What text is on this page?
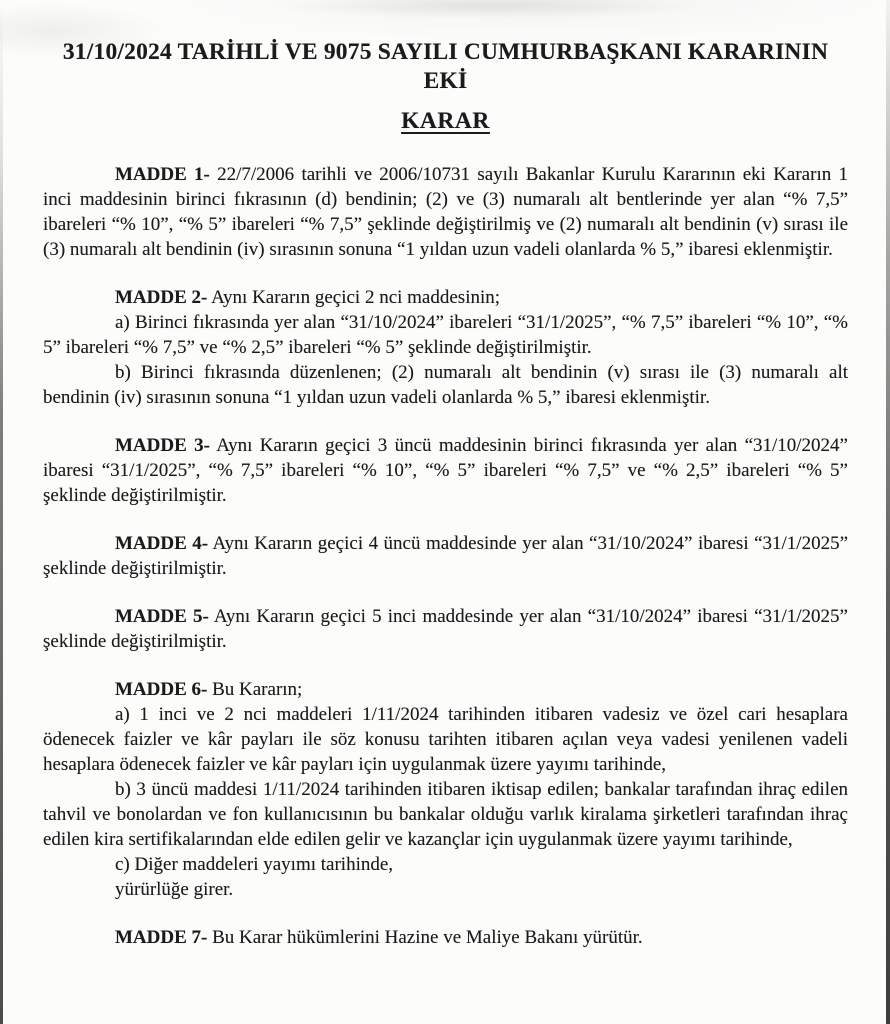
31/10/2024 TARİHLİ VE 9075 SAYILI CUMHURBAŞKANI KARARININ EKİ
KARAR

MADDE 1- 22/7/2006 tarihli ve 2006/10731 sayılı Bakanlar Kurulu Kararının eki Kararın 1 inci maddesinin birinci fıkrasının (d) bendinin; (2) ve (3) numaralı alt bentlerinde yer alan “% 7,5” ibareleri “% 10”, “% 5” ibareleri “% 7,5” şeklinde değiştirilmiş ve (2) numaralı alt bendinin (v) sırası ile (3) numaralı alt bendinin (iv) sırasının sonuna “1 yıldan uzun vadeli olanlarda % 5,” ibaresi eklenmiştir.

MADDE 2- Aynı Kararın geçici 2 nci maddesinin;

a) Birinci fıkrasında yer alan “31/10/2024” ibareleri “31/1/2025”, “% 7,5” ibareleri “% 10”, “% 5” ibareleri “% 7,5” ve “% 2,5” ibareleri “% 5” şeklinde değiştirilmiştir.

b) Birinci fıkrasında düzenlenen; (2) numaralı alt bendinin (v) sırası ile (3) numaralı alt bendinin (iv) sırasının sonuna “1 yıldan uzun vadeli olanlarda % 5,” ibaresi eklenmiştir.

MADDE 3- Aynı Kararın geçici 3 üncü maddesinin birinci fıkrasında yer alan “31/10/2024” ibaresi “31/1/2025”, “% 7,5” ibareleri “% 10”, “% 5” ibareleri “% 7,5” ve “% 2,5” ibareleri “% 5” şeklinde değiştirilmiştir.

MADDE 4- Aynı Kararın geçici 4 üncü maddesinde yer alan “31/10/2024” ibaresi “31/1/2025” şeklinde değiştirilmiştir.

MADDE 5- Aynı Kararın geçici 5 inci maddesinde yer alan “31/10/2024” ibaresi “31/1/2025” şeklinde değiştirilmiştir.

MADDE 6- Bu Kararın;

a) 1 inci ve 2 nci maddeleri 1/11/2024 tarihinden itibaren vadesiz ve özel cari hesaplara ödenecek faizler ve kâr payları ile söz konusu tarihten itibaren açılan veya vadesi yenilenen vadeli hesaplara ödenecek faizler ve kâr payları için uygulanmak üzere yayımı tarihinde,

b) 3 üncü maddesi 1/11/2024 tarihinden itibaren iktisap edilen; bankalar tarafından ihraç edilen tahvil ve bonolardan ve fon kullanıcısının bu bankalar olduğu varlık kiralama şirketleri tarafından ihraç edilen kira sertifikalarından elde edilen gelir ve kazançlar için uygulanmak üzere yayımı tarihinde,

c) Diğer maddeleri yayımı tarihinde,

yürürlüğe girer.

MADDE 7- Bu Karar hükümlerini Hazine ve Maliye Bakanı yürütür.
